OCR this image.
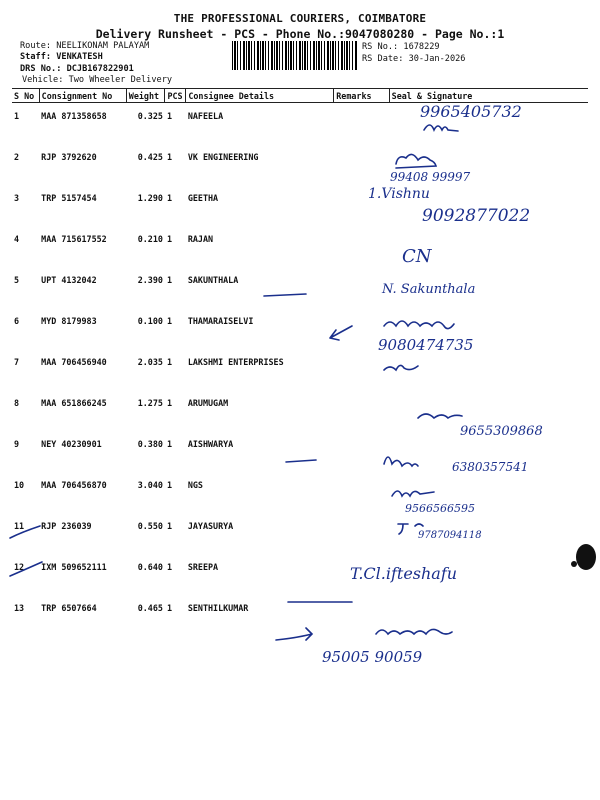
THE PROFESSIONAL COURIERS, COIMBATORE
Delivery Runsheet - PCS - Phone No.:9047080280 - Page No.:1
Route: NEELIKONAM PALAYAM
Staff: VENKATESH
DRS No.: DCJB167822901
Vehicle: Two Wheeler Delivery
RS No.: 1678229
RS Date: 30-Jan-2026
S No	Consignment No	Weight	PCS	Consignee Details	Remarks	Seal & Signature
1	MAA 871358658	0.325	1	NAFEELA		
2	RJP 3792620	0.425	1	VK ENGINEERING		
3	TRP 5157454	1.290	1	GEETHA		
4	MAA 715617552	0.210	1	RAJAN		
5	UPT 4132042	2.390	1	SAKUNTHALA		
6	MYD 8179983	0.100	1	THAMARAISELVI		
7	MAA 706456940	2.035	1	LAKSHMI ENTERPRISES		
8	MAA 651866245	1.275	1	ARUMUGAM		
9	NEY 40230901	0.380	1	AISHWARYA		
10	MAA 706456870	3.040	1	NGS		
11	RJP 236039	0.550	1	JAYASURYA		
12	IXM 509652111	0.640	1	SREEPA		
13	TRP 6507664	0.465	1	SENTHILKUMAR		
9965405732
99408 99997
1.Vishnu
9092877022
CN
N. Sakunthala
9080474735
9655309868
6380357541
9566566595
9787094118
T.Cl.ifteshafu
95005 90059
